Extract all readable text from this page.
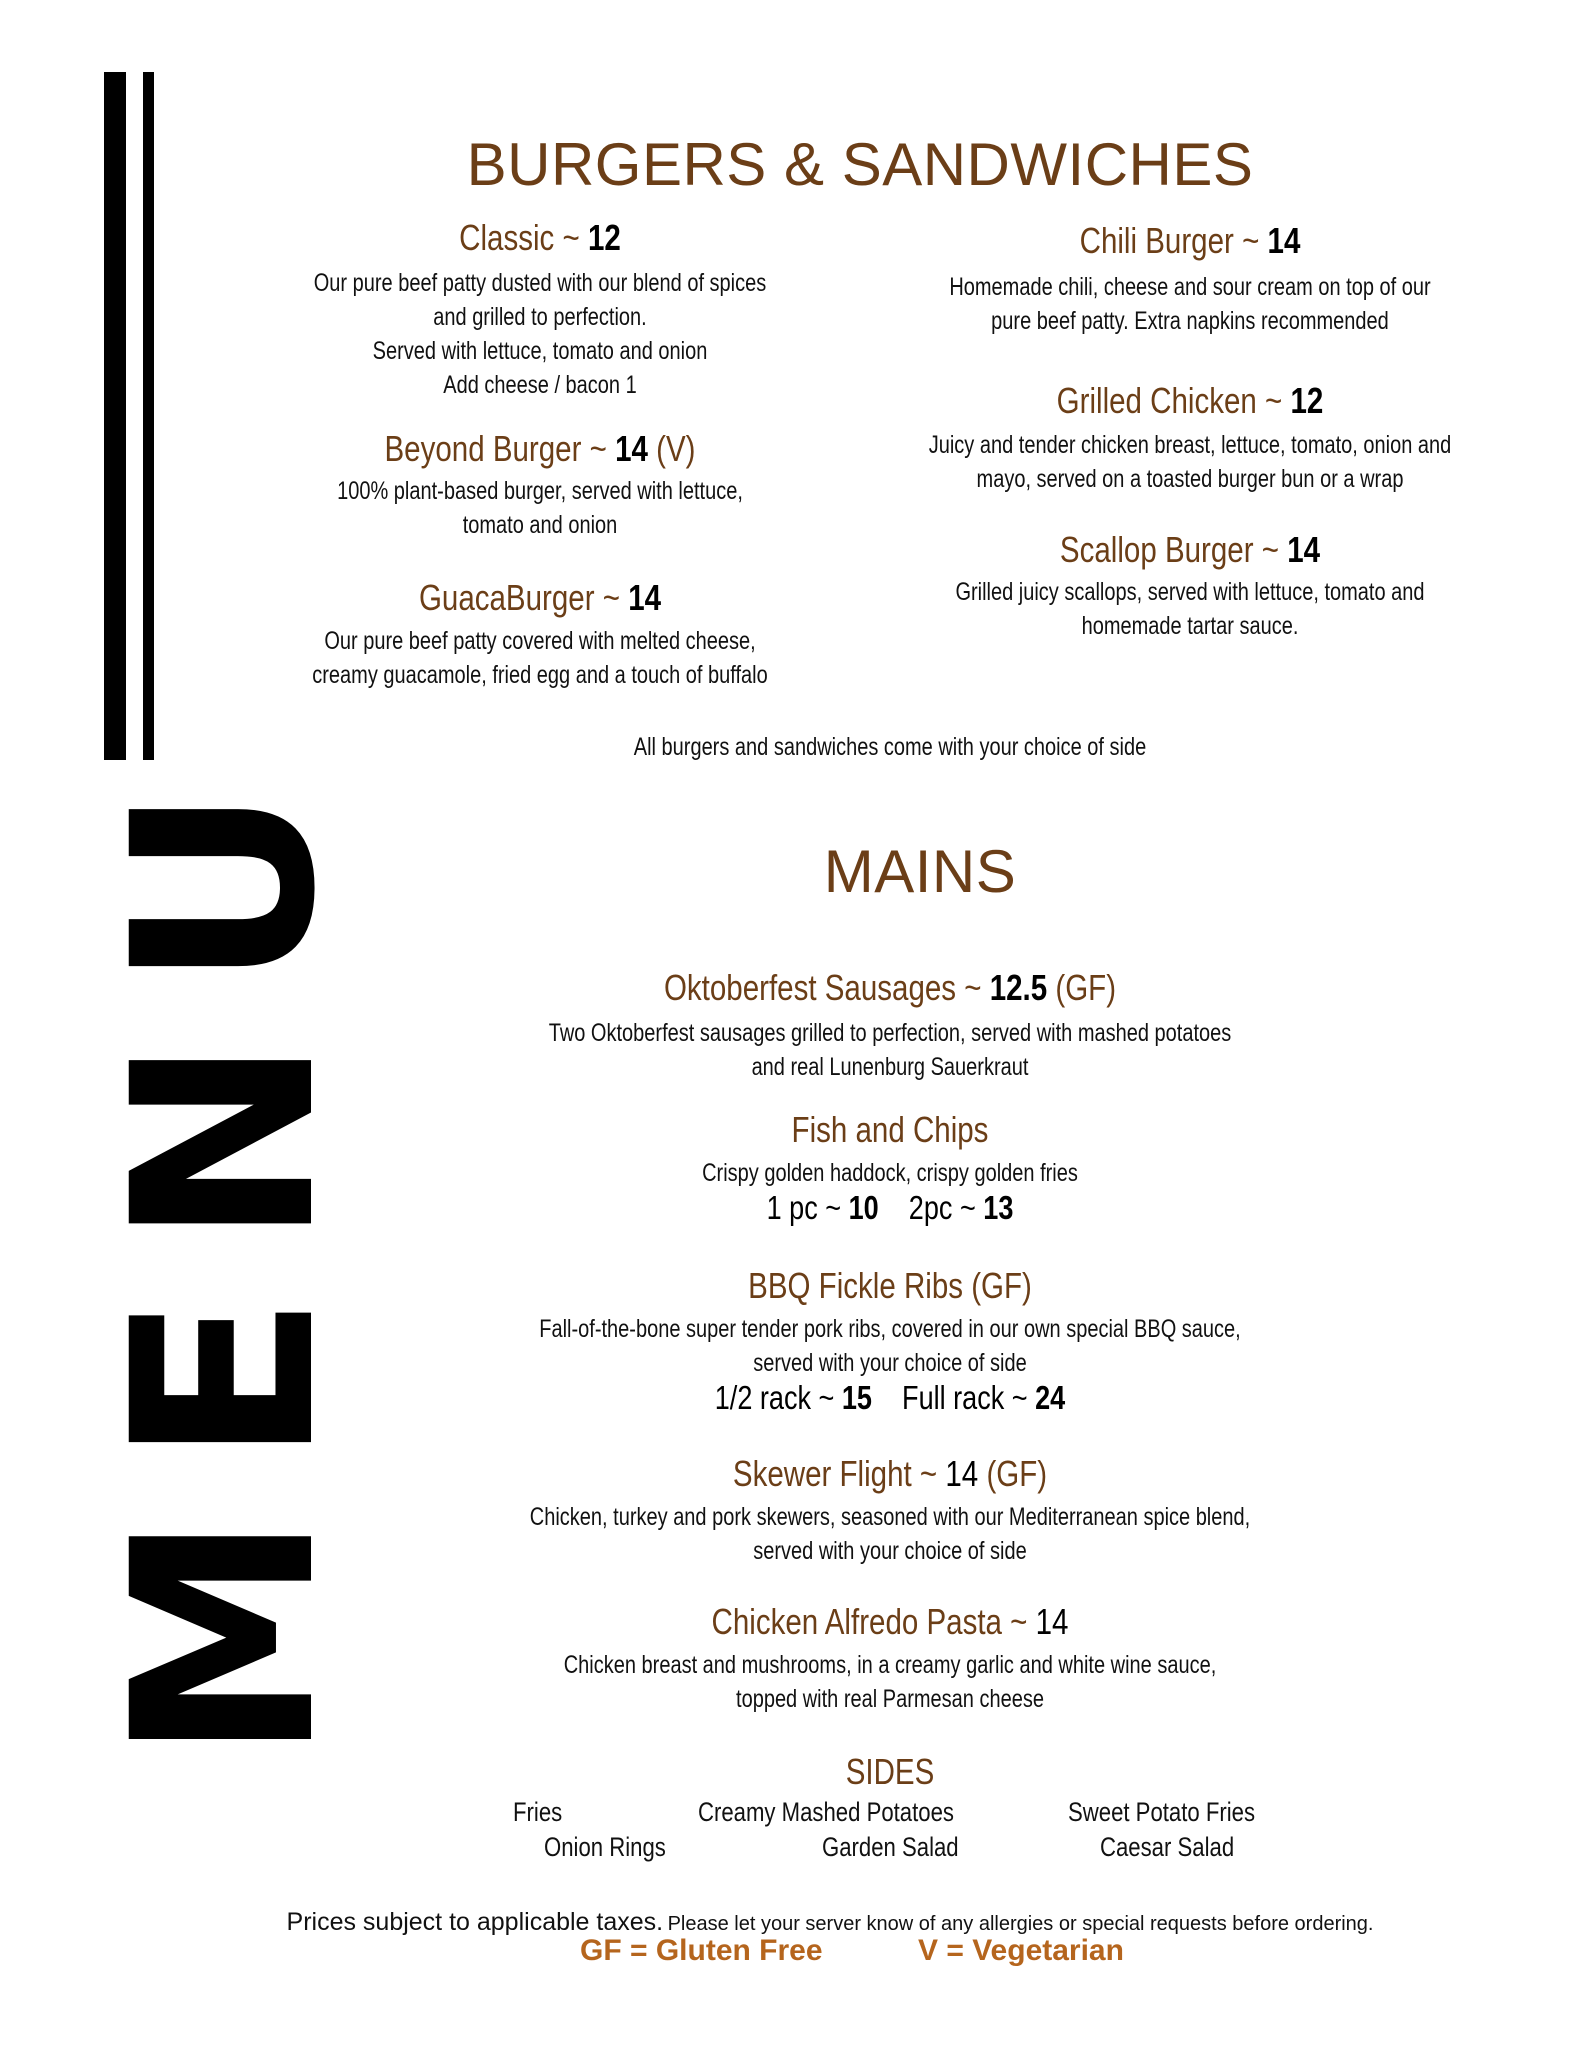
MENU
BURGERS & SANDWICHES
Classic ~ 12

Our pure beef patty dusted with our blend of spices

and grilled to perfection.

Served with lettuce, tomato and onion

Add cheese / bacon 1

Beyond Burger ~ 14 (V)

100% plant-based burger, served with lettuce,

tomato and onion

GuacaBurger ~ 14

Our pure beef patty covered with melted cheese,

creamy guacamole, fried egg and a touch of buffalo

Chili Burger ~ 14

Homemade chili, cheese and sour cream on top of our

pure beef patty. Extra napkins recommended

Grilled Chicken ~ 12

Juicy and tender chicken breast, lettuce, tomato, onion and

mayo, served on a toasted burger bun or a wrap

Scallop Burger ~ 14

Grilled juicy scallops, served with lettuce, tomato and

homemade tartar sauce.

All burgers and sandwiches come with your choice of side

MAINS
Oktoberfest Sausages ~ 12.5 (GF)

Two Oktoberfest sausages grilled to perfection, served with mashed potatoes

and real Lunenburg Sauerkraut

Fish and Chips

Crispy golden haddock, crispy golden fries

1 pc ~ 10 2pc ~ 13
BBQ Fickle Ribs (GF)

Fall-of-the-bone super tender pork ribs, covered in our own special BBQ sauce,

served with your choice of side

1/2 rack ~ 15 Full rack ~ 24
Skewer Flight ~ 14 (GF)

Chicken, turkey and pork skewers, seasoned with our Mediterranean spice blend,

served with your choice of side

Chicken Alfredo Pasta ~ 14

Chicken breast and mushrooms, in a creamy garlic and white wine sauce,

topped with real Parmesan cheese

SIDES
Fries	Creamy Mashed Potatoes	Sweet Potato Fries
Onion Rings	Garden Salad	Caesar Salad
Prices subject to applicable taxes. Please let your server know of any allergies or special requests before ordering.
GF = Gluten Free	V = Vegetarian
